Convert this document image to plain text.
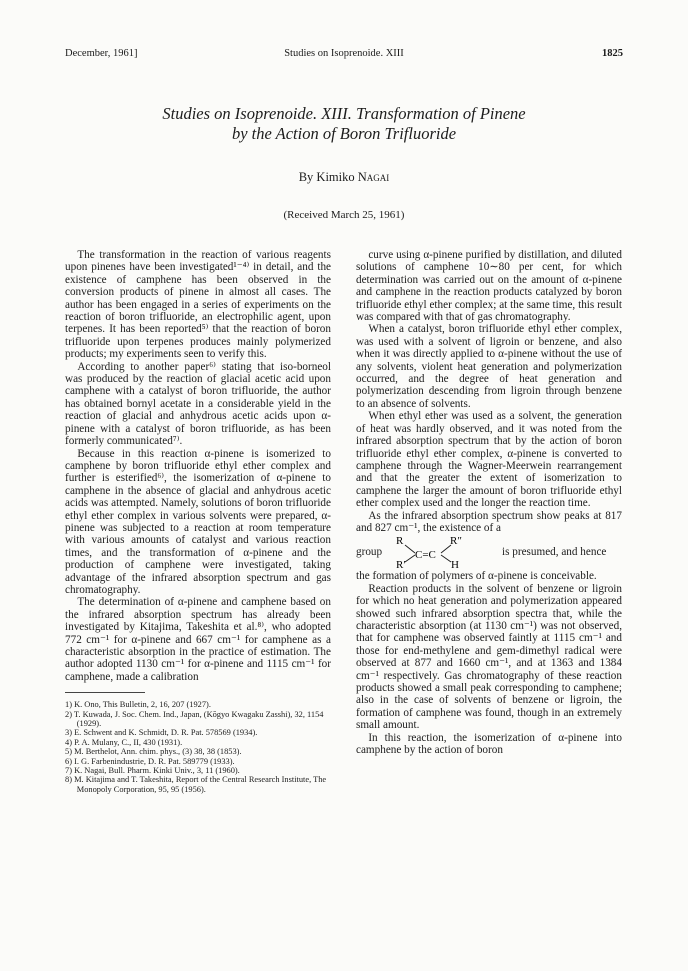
December, 1961]	Studies on Isoprenoide. XIII	1825
Studies on Isoprenoide. XIII. Transformation of Pinene
by the Action of Boron Trifluoride
By Kimiko Nagai
(Received March 25, 1961)

The transformation in the reaction of various reagents upon pinenes have been investigated¹⁻⁴⁾ in detail, and the existence of camphene has been observed in the conversion products of pinene in almost all cases. The author has been engaged in a series of experiments on the reaction of boron trifluoride, an electrophilic agent, upon terpenes. It has been reported⁵⁾ that the reaction of boron trifluoride upon terpenes produces mainly polymerized products; my experiments seen to verify this.

According to another paper⁶⁾ stating that iso-borneol was produced by the reaction of glacial acetic acid upon camphene with a catalyst of boron trifluoride, the author has obtained bornyl acetate in a considerable yield in the reaction of glacial and anhydrous acetic acids upon α-pinene with a catalyst of boron trifluoride, as has been formerly communicated⁷⁾.

Because in this reaction α-pinene is isomerized to camphene by boron trifluoride ethyl ether complex and further is esterified⁶⁾, the isomerization of α-pinene to camphene in the absence of glacial and anhydrous acetic acids was attempted. Namely, solutions of boron trifluoride ethyl ether complex in various solvents were prepared, α-pinene was subjected to a reaction at room temperature with various amounts of catalyst and various reaction times, and the transformation of α-pinene and the production of camphene were investigated, taking advantage of the infrared absorption spectrum and gas chromatography.

The determination of α-pinene and camphene based on the infrared absorption spectrum has already been investigated by Kitajima, Takeshita et al.⁸⁾, who adopted 772 cm⁻¹ for α-pinene and 667 cm⁻¹ for camphene as a characteristic absorption in the practice of estimation. The author adopted 1130 cm⁻¹ for α-pinene and 1115 cm⁻¹ for camphene, made a calibration

1) K. Ono, This Bulletin, 2, 16, 207 (1927).
2) T. Kuwada, J. Soc. Chem. Ind., Japan, (Kōgyo Kwagaku Zasshi), 32, 1154 (1929).
3) E. Schwent and K. Schmidt, D. R. Pat. 578569 (1934).
4) P. A. Mulany, C., II, 430 (1931).
5) M. Berthelot, Ann. chim. phys., (3) 38, 38 (1853).
6) I. G. Farbenindustrie, D. R. Pat. 589779 (1933).
7) K. Nagai, Bull. Pharm. Kinki Univ., 3, 11 (1960).
8) M. Kitajima and T. Takeshita, Report of the Central Research Institute, The Monopoly Corporation, 95, 95 (1956).

curve using α-pinene purified by distillation, and diluted solutions of camphene 10∼80 per cent, for which determination was carried out on the amount of α-pinene and camphene in the reaction products catalyzed by boron trifluoride ethyl ether complex; at the same time, this result was compared with that of gas chromatography.

When a catalyst, boron trifluoride ethyl ether complex, was used with a solvent of ligroin or benzene, and also when it was directly applied to α-pinene without the use of any solvents, violent heat generation and polymerization occurred, and the degree of heat generation and polymerization descending from ligroin through benzene to an absence of solvents.

When ethyl ether was used as a solvent, the generation of heat was hardly observed, and it was noted from the infrared absorption spectrum that by the action of boron trifluoride ethyl ether complex, α-pinene is converted to camphene through the Wagner-Meerwein rearrangement and that the greater the extent of isomerization to camphene the larger the amount of boron trifluoride ethyl ether complex used and the longer the reaction time.

As the infrared absorption spectrum show peaks at 817 and 827 cm⁻¹, the existence of a

group
R
R′
C=C
R″
H
is presumed, and hence

the formation of polymers of α-pinene is conceivable.

Reaction products in the solvent of benzene or ligroin for which no heat generation and polymerization appeared showed such infrared absorption spectra that, while the characteristic absorption (at 1130 cm⁻¹) was not observed, that for camphene was observed faintly at 1115 cm⁻¹ and those for end-methylene and gem-dimethyl radical were observed at 877 and 1660 cm⁻¹, and at 1363 and 1384 cm⁻¹ respectively. Gas chromatography of these reaction products showed a small peak corresponding to camphene; also in the case of solvents of benzene or ligroin, the formation of camphene was found, though in an extremely small amount.

In this reaction, the isomerization of α-pinene into camphene by the action of boron
